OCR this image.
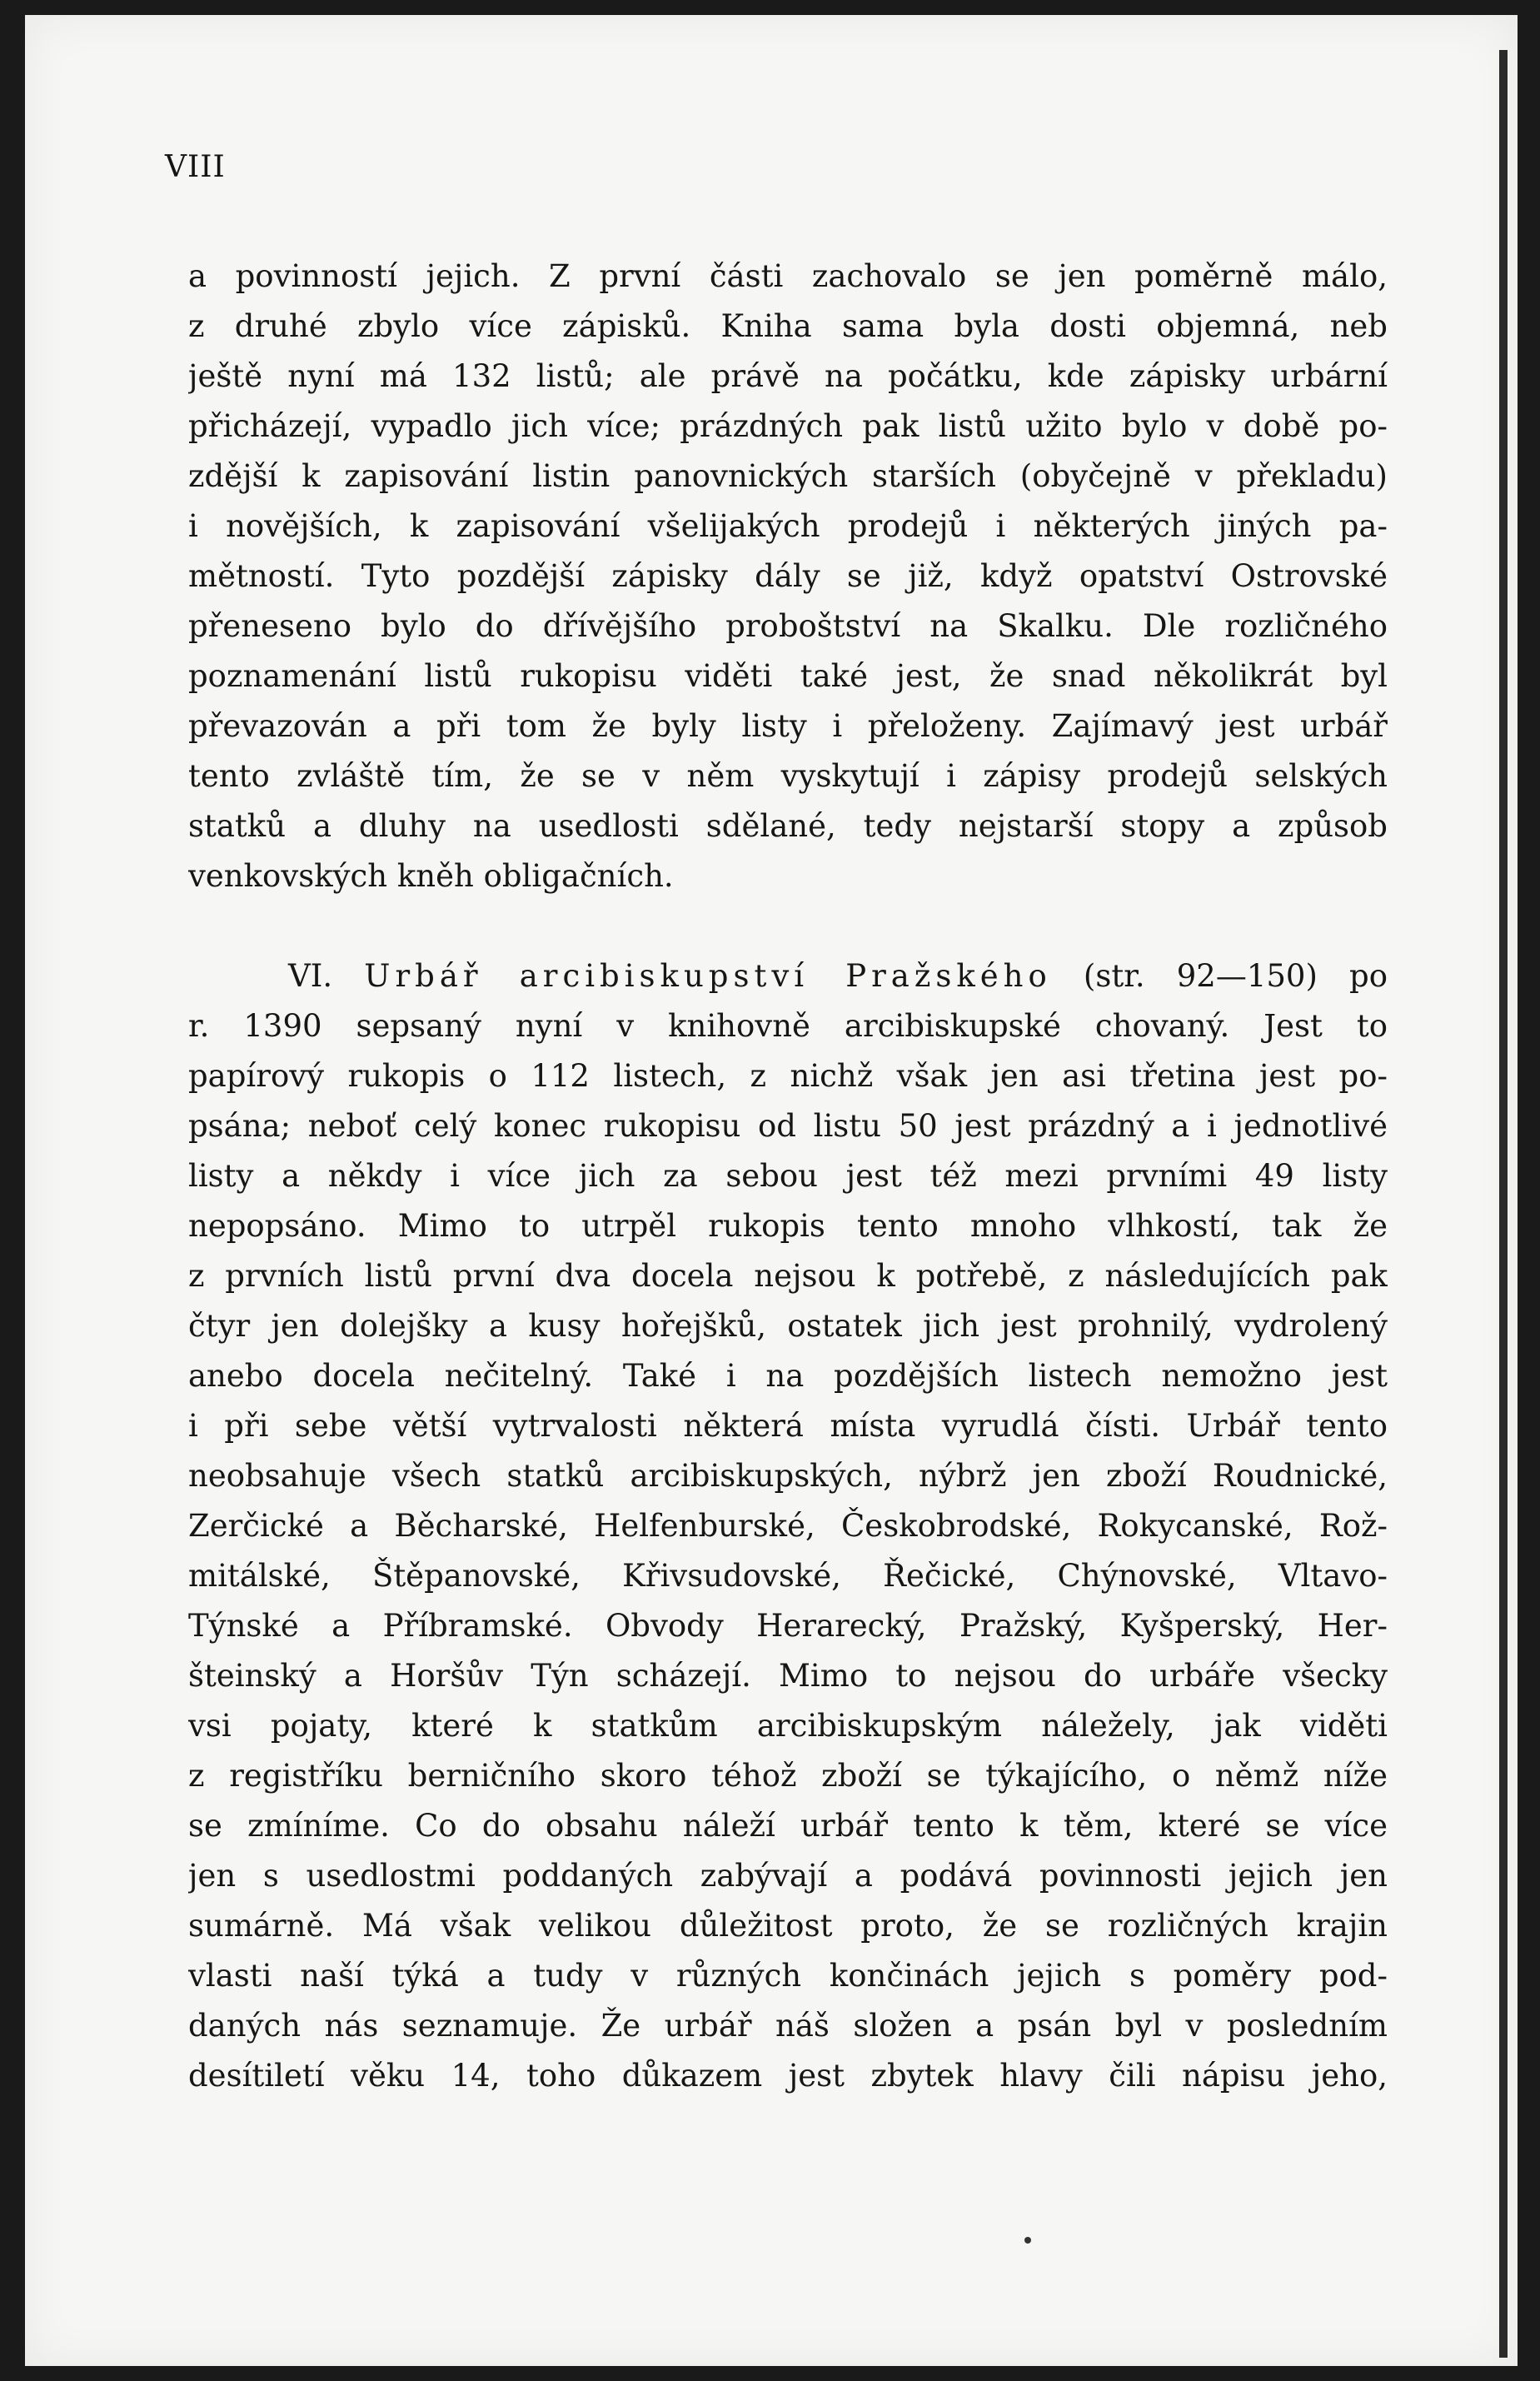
VIII

a povinností jejich. Z první části zachovalo se jen poměrně málo,
z druhé zbylo více zápisků. Kniha sama byla dosti objemná, neb
ještě nyní má 132 listů; ale právě na počátku, kde zápisky urbární
přicházejí, vypadlo jich více; prázdných pak listů užito bylo v době po-
zdější k zapisování listin panovnických starších (obyčejně v překladu)
i novějších, k zapisování všelijakých prodejů i některých jiných pa-
mětností. Tyto pozdější zápisky dály se již, když opatství Ostrovské
přeneseno bylo do dřívějšího proboštství na Skalku. Dle rozličného
poznamenání listů rukopisu viděti také jest, že snad několikrát byl
převazován a při tom že byly listy i přeloženy. Zajímavý jest urbář
tento zvláště tím, že se v něm vyskytují i zápisy prodejů selských
statků a dluhy na usedlosti sdělané, tedy nejstarší stopy a způsob
venkovských kněh obligačních.
VI. Urbář arcibiskupství Pražského (str. 92—150) po
r. 1390 sepsaný nyní v knihovně arcibiskupské chovaný. Jest to
papírový rukopis o 112 listech, z nichž však jen asi třetina jest po-
psána; neboť celý konec rukopisu od listu 50 jest prázdný a i jednotlivé
listy a někdy i více jich za sebou jest též mezi prvními 49 listy
nepopsáno. Mimo to utrpěl rukopis tento mnoho vlhkostí, tak že
z prvních listů první dva docela nejsou k potřebě, z následujících pak
čtyr jen dolejšky a kusy hořejšků, ostatek jich jest prohnilý, vydrolený
anebo docela nečitelný. Také i na pozdějších listech nemožno jest
i při sebe větší vytrvalosti některá místa vyrudlá čísti. Urbář tento
neobsahuje všech statků arcibiskupských, nýbrž jen zboží Roudnické,
Zerčické a Běcharské, Helfenburské, Českobrodské, Rokycanské, Rož-
mitálské, Štěpanovské, Křivsudovské, Řečické, Chýnovské, Vltavo-
Týnské a Příbramské. Obvody Herarecký, Pražský, Kyšperský, Her-
šteinský a Horšův Týn scházejí. Mimo to nejsou do urbáře všecky
vsi pojaty, které k statkům arcibiskupským náležely, jak viděti
z registříku berničního skoro téhož zboží se týkajícího, o němž níže
se zmíníme. Co do obsahu náleží urbář tento k těm, které se více
jen s usedlostmi poddaných zabývají a podává povinnosti jejich jen
sumárně. Má však velikou důležitost proto, že se rozličných krajin
vlasti naší týká a tudy v různých končinách jejich s poměry pod-
daných nás seznamuje. Že urbář náš složen a psán byl v posledním
desítiletí věku 14, toho důkazem jest zbytek hlavy čili nápisu jeho,
